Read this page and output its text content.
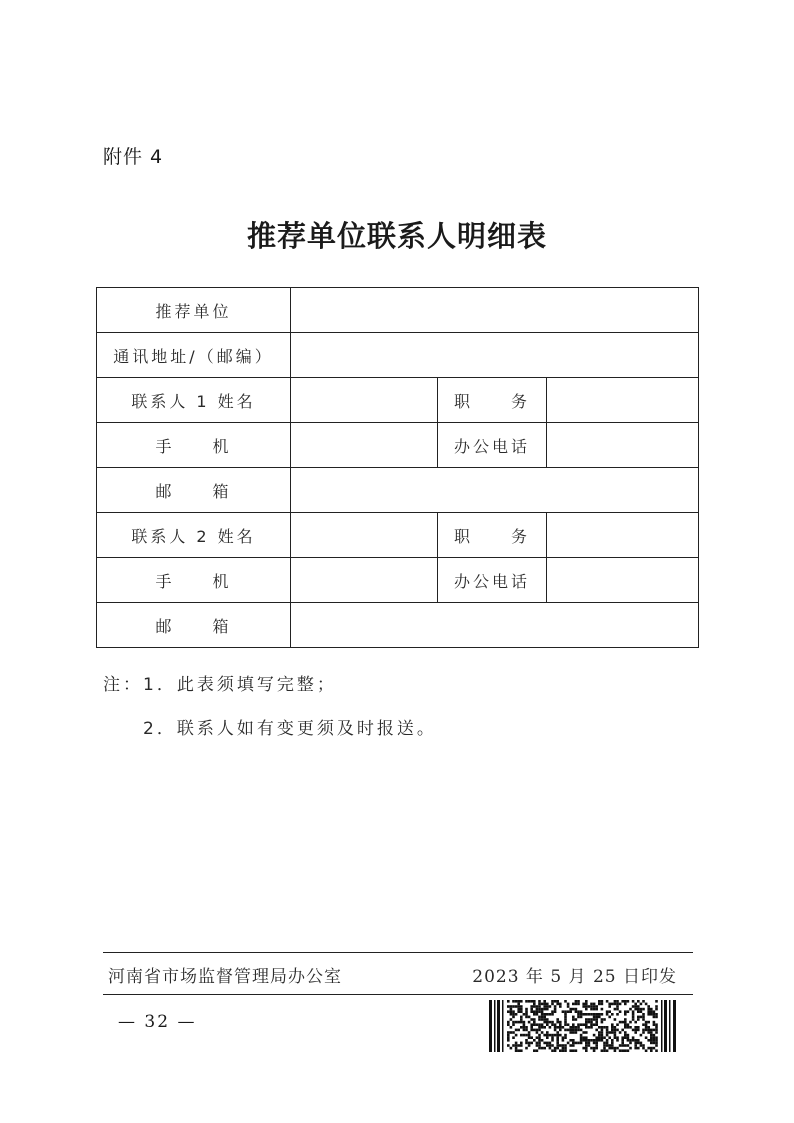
附件 4
推荐单位联系人明细表
推荐单位			
通讯地址/（邮编）			
联系人 1 姓名		职 务	
手 机		办公电话	
邮 箱			
联系人 2 姓名		职 务	
手 机		办公电话	
邮 箱			
注：1．此表须填写完整；
2．联系人如有变更须及时报送。
河南省市场监督管理局办公室	2023 年 5 月 25 日印发
— 32 —
